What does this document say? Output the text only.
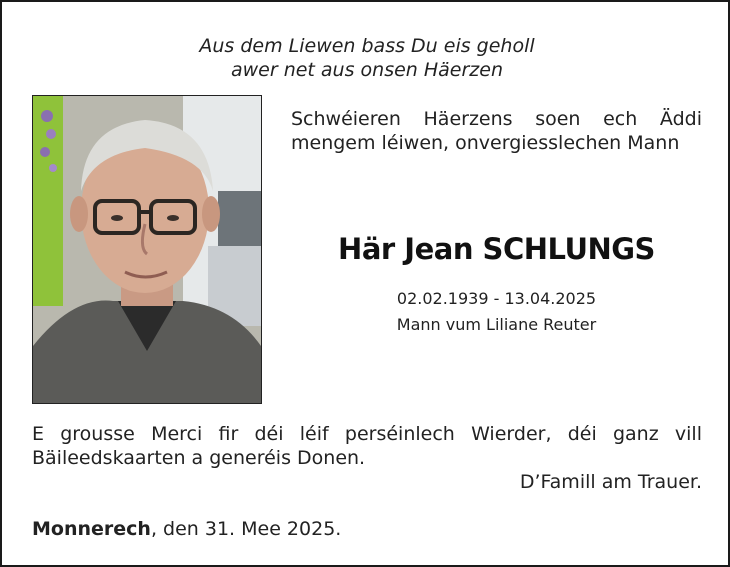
Aus dem Liewen bass Du eis geholl
awer net aus onsen Häerzen
Schwéieren Häerzens soen ech Äddi mengem léiwen, onvergiesslechen Mann
Här Jean SCHLUNGS
02.02.1939 - 13.04.2025
Mann vum Liliane Reuter
E grousse Merci fir déi léif perséinlech Wierder, déi ganz vill Bäileedskaarten a generéis Donen.
D’Famill am Trauer.
Monnerech, den 31. Mee 2025.
